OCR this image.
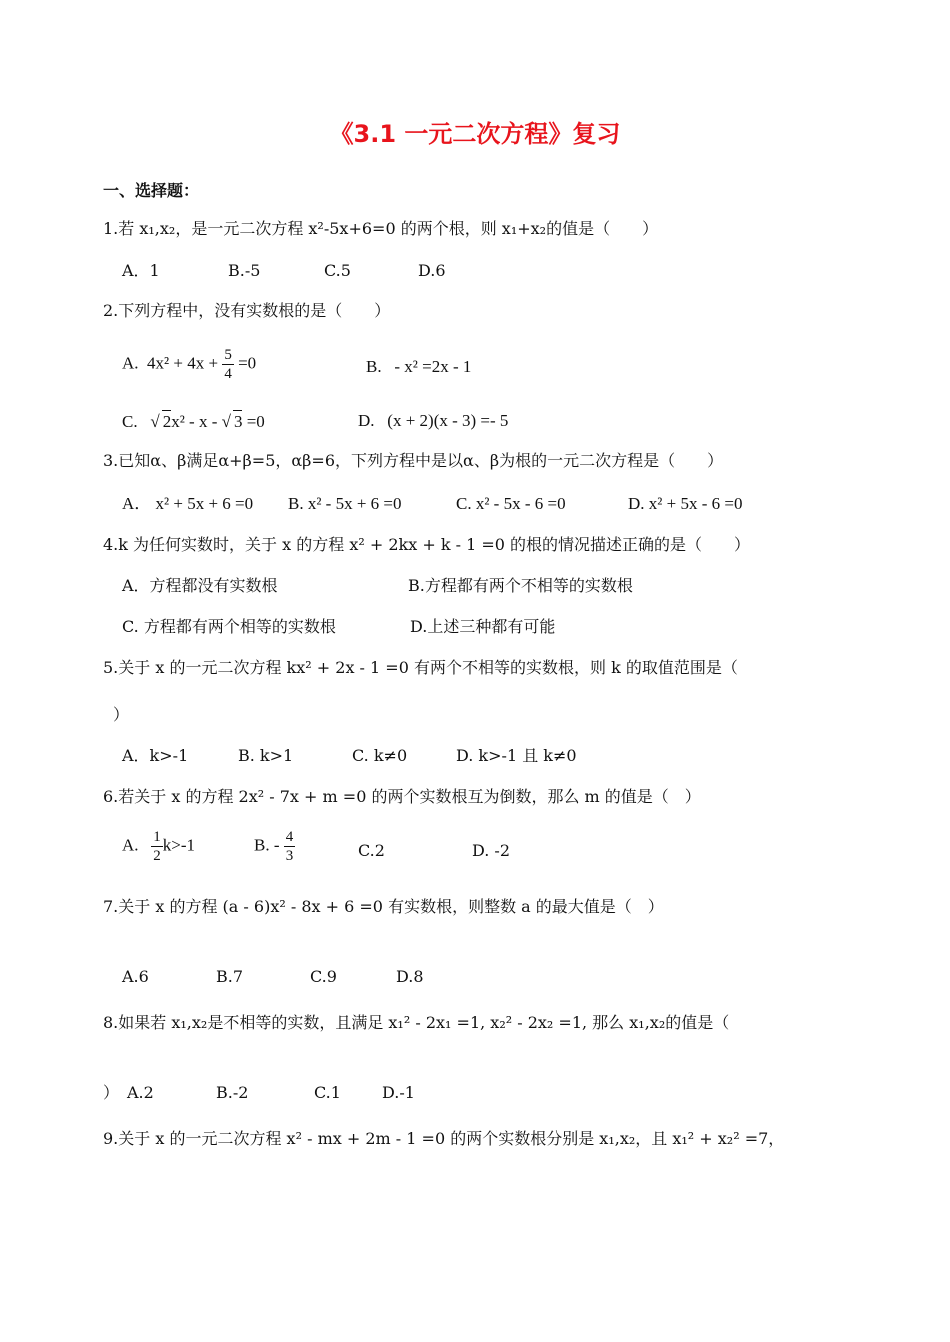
《3.1 一元二次方程》复习
一、选择题：
1.若 x₁,x₂，是一元二次方程 x²-5x+6=0 的两个根，则 x₁+x₂的值是（　　）
A．1	B.-5	C.5	D.6
2.下列方程中，没有实数根的是（　　）
A. $4x^2 + 4x + \frac{5}{4} =0$	B. - x² =2x - 1
C.   √ 2x² - x - √ 3 =0	D. (x + 2)(x - 3) =- 5
3.已知α、β满足α+β=5，αβ=6，下列方程中是以α、β为根的一元二次方程是（　　）
A． x² + 5x + 6 =0 B. x² - 5x + 6 =0	C. x² - 5x - 6 =0	D. x² + 5x - 6 =0
4.k 为任何实数时，关于 x 的方程 x² + 2kx + k - 1 =0 的根的情况描述正确的是（　　）
A．方程都没有实数根	B.方程都有两个不相等的实数根
C. 方程都有两个相等的实数根	D.上述三种都有可能
5.关于 x 的一元二次方程 kx² + 2x - 1 =0 有两个不相等的实数根，则 k 的取值范围是（
）
A．k>-1	B. k>1	C. k≠0	D. k>-1 且 k≠0
6.若关于 x 的方程 2x² - 7x + m =0 的两个实数根互为倒数，那么 m 的值是（　）
A. $\frac{1}{2} k>-1$	B. - $\frac{4}{3}$	C.2	D. -2
7.关于 x 的方程 (a - 6)x² - 8x + 6 =0 有实数根，则整数 a 的最大值是（　）
A.6	B.7	C.9	D.8
8.如果若 x₁,x₂是不相等的实数，且满足 x₁² - 2x₁ =1, x₂² - 2x₂ =1, 那么 x₁,x₂的值是（
）　A.2	B.-2	C.1	D.-1
9.关于 x 的一元二次方程 x² - mx + 2m - 1 =0 的两个实数根分别是 x₁,x₂，且 x₁² + x₂² =7，
